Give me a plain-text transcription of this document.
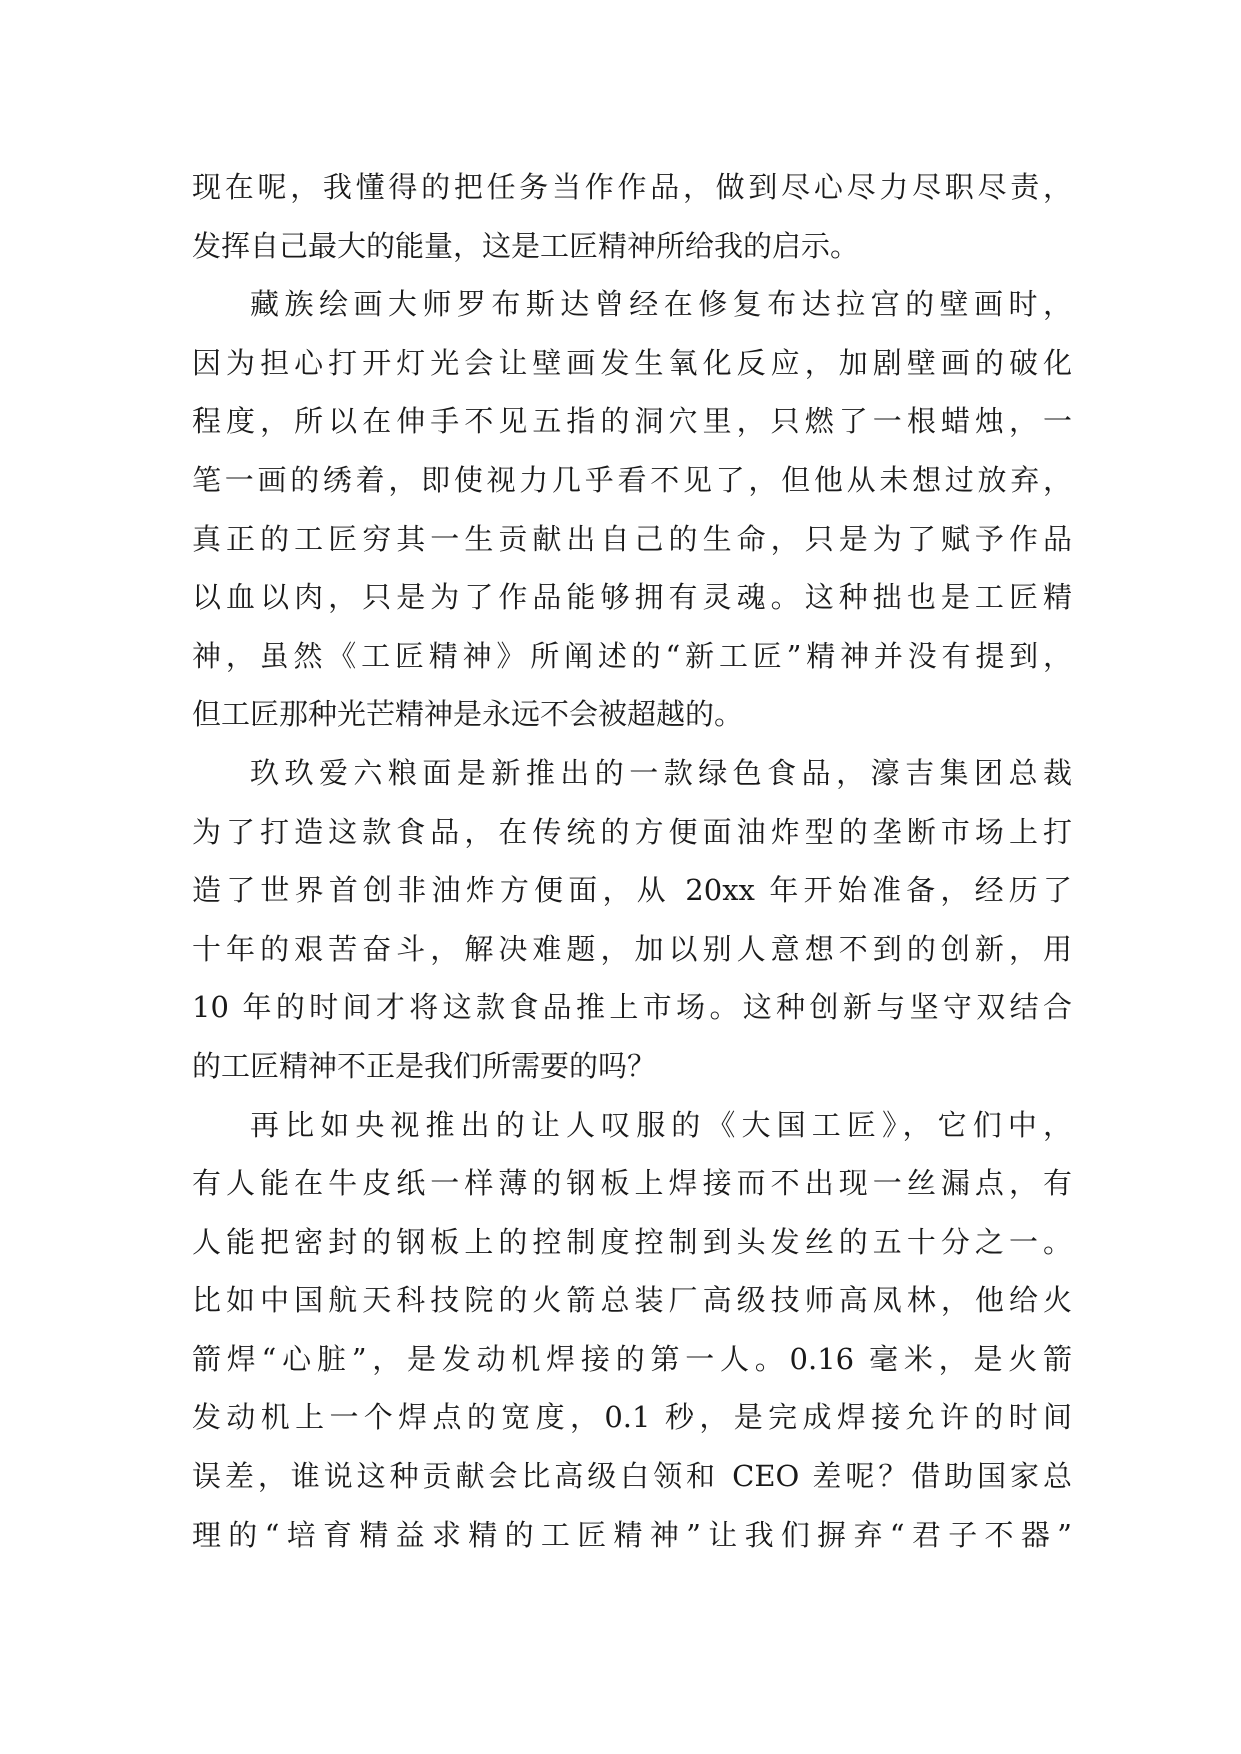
现在呢，我懂得的把任务当作作品，做到尽心尽力尽职尽责，
发挥自己最大的能量，这是工匠精神所给我的启示。
藏族绘画大师罗布斯达曾经在修复布达拉宫的壁画时，
因为担心打开灯光会让壁画发生氧化反应，加剧壁画的破化
程度，所以在伸手不见五指的洞穴里，只燃了一根蜡烛，一
笔一画的绣着，即使视力几乎看不见了，但他从未想过放弃，
真正的工匠穷其一生贡献出自己的生命，只是为了赋予作品
以血以肉，只是为了作品能够拥有灵魂。这种拙也是工匠精
神，虽然《工匠精神》所阐述的“新工匠”精神并没有提到，
但工匠那种光芒精神是永远不会被超越的。
玖玖爱六粮面是新推出的一款绿色食品，濠吉集团总裁
为了打造这款食品，在传统的方便面油炸型的垄断市场上打
造了世界首创非油炸方便面，从 20xx 年开始准备，经历了
十年的艰苦奋斗，解决难题，加以别人意想不到的创新，用
10 年的时间才将这款食品推上市场。这种创新与坚守双结合
的工匠精神不正是我们所需要的吗？
再比如央视推出的让人叹服的《大国工匠》，它们中，
有人能在牛皮纸一样薄的钢板上焊接而不出现一丝漏点，有
人能把密封的钢板上的控制度控制到头发丝的五十分之一。
比如中国航天科技院的火箭总装厂高级技师高凤林，他给火
箭焊“心脏”，是发动机焊接的第一人。0.16 毫米，是火箭
发动机上一个焊点的宽度，0.1 秒，是完成焊接允许的时间
误差，谁说这种贡献会比高级白领和 CEO 差呢？借助国家总
理的“培育精益求精的工匠精神”让我们摒弃“君子不器”
